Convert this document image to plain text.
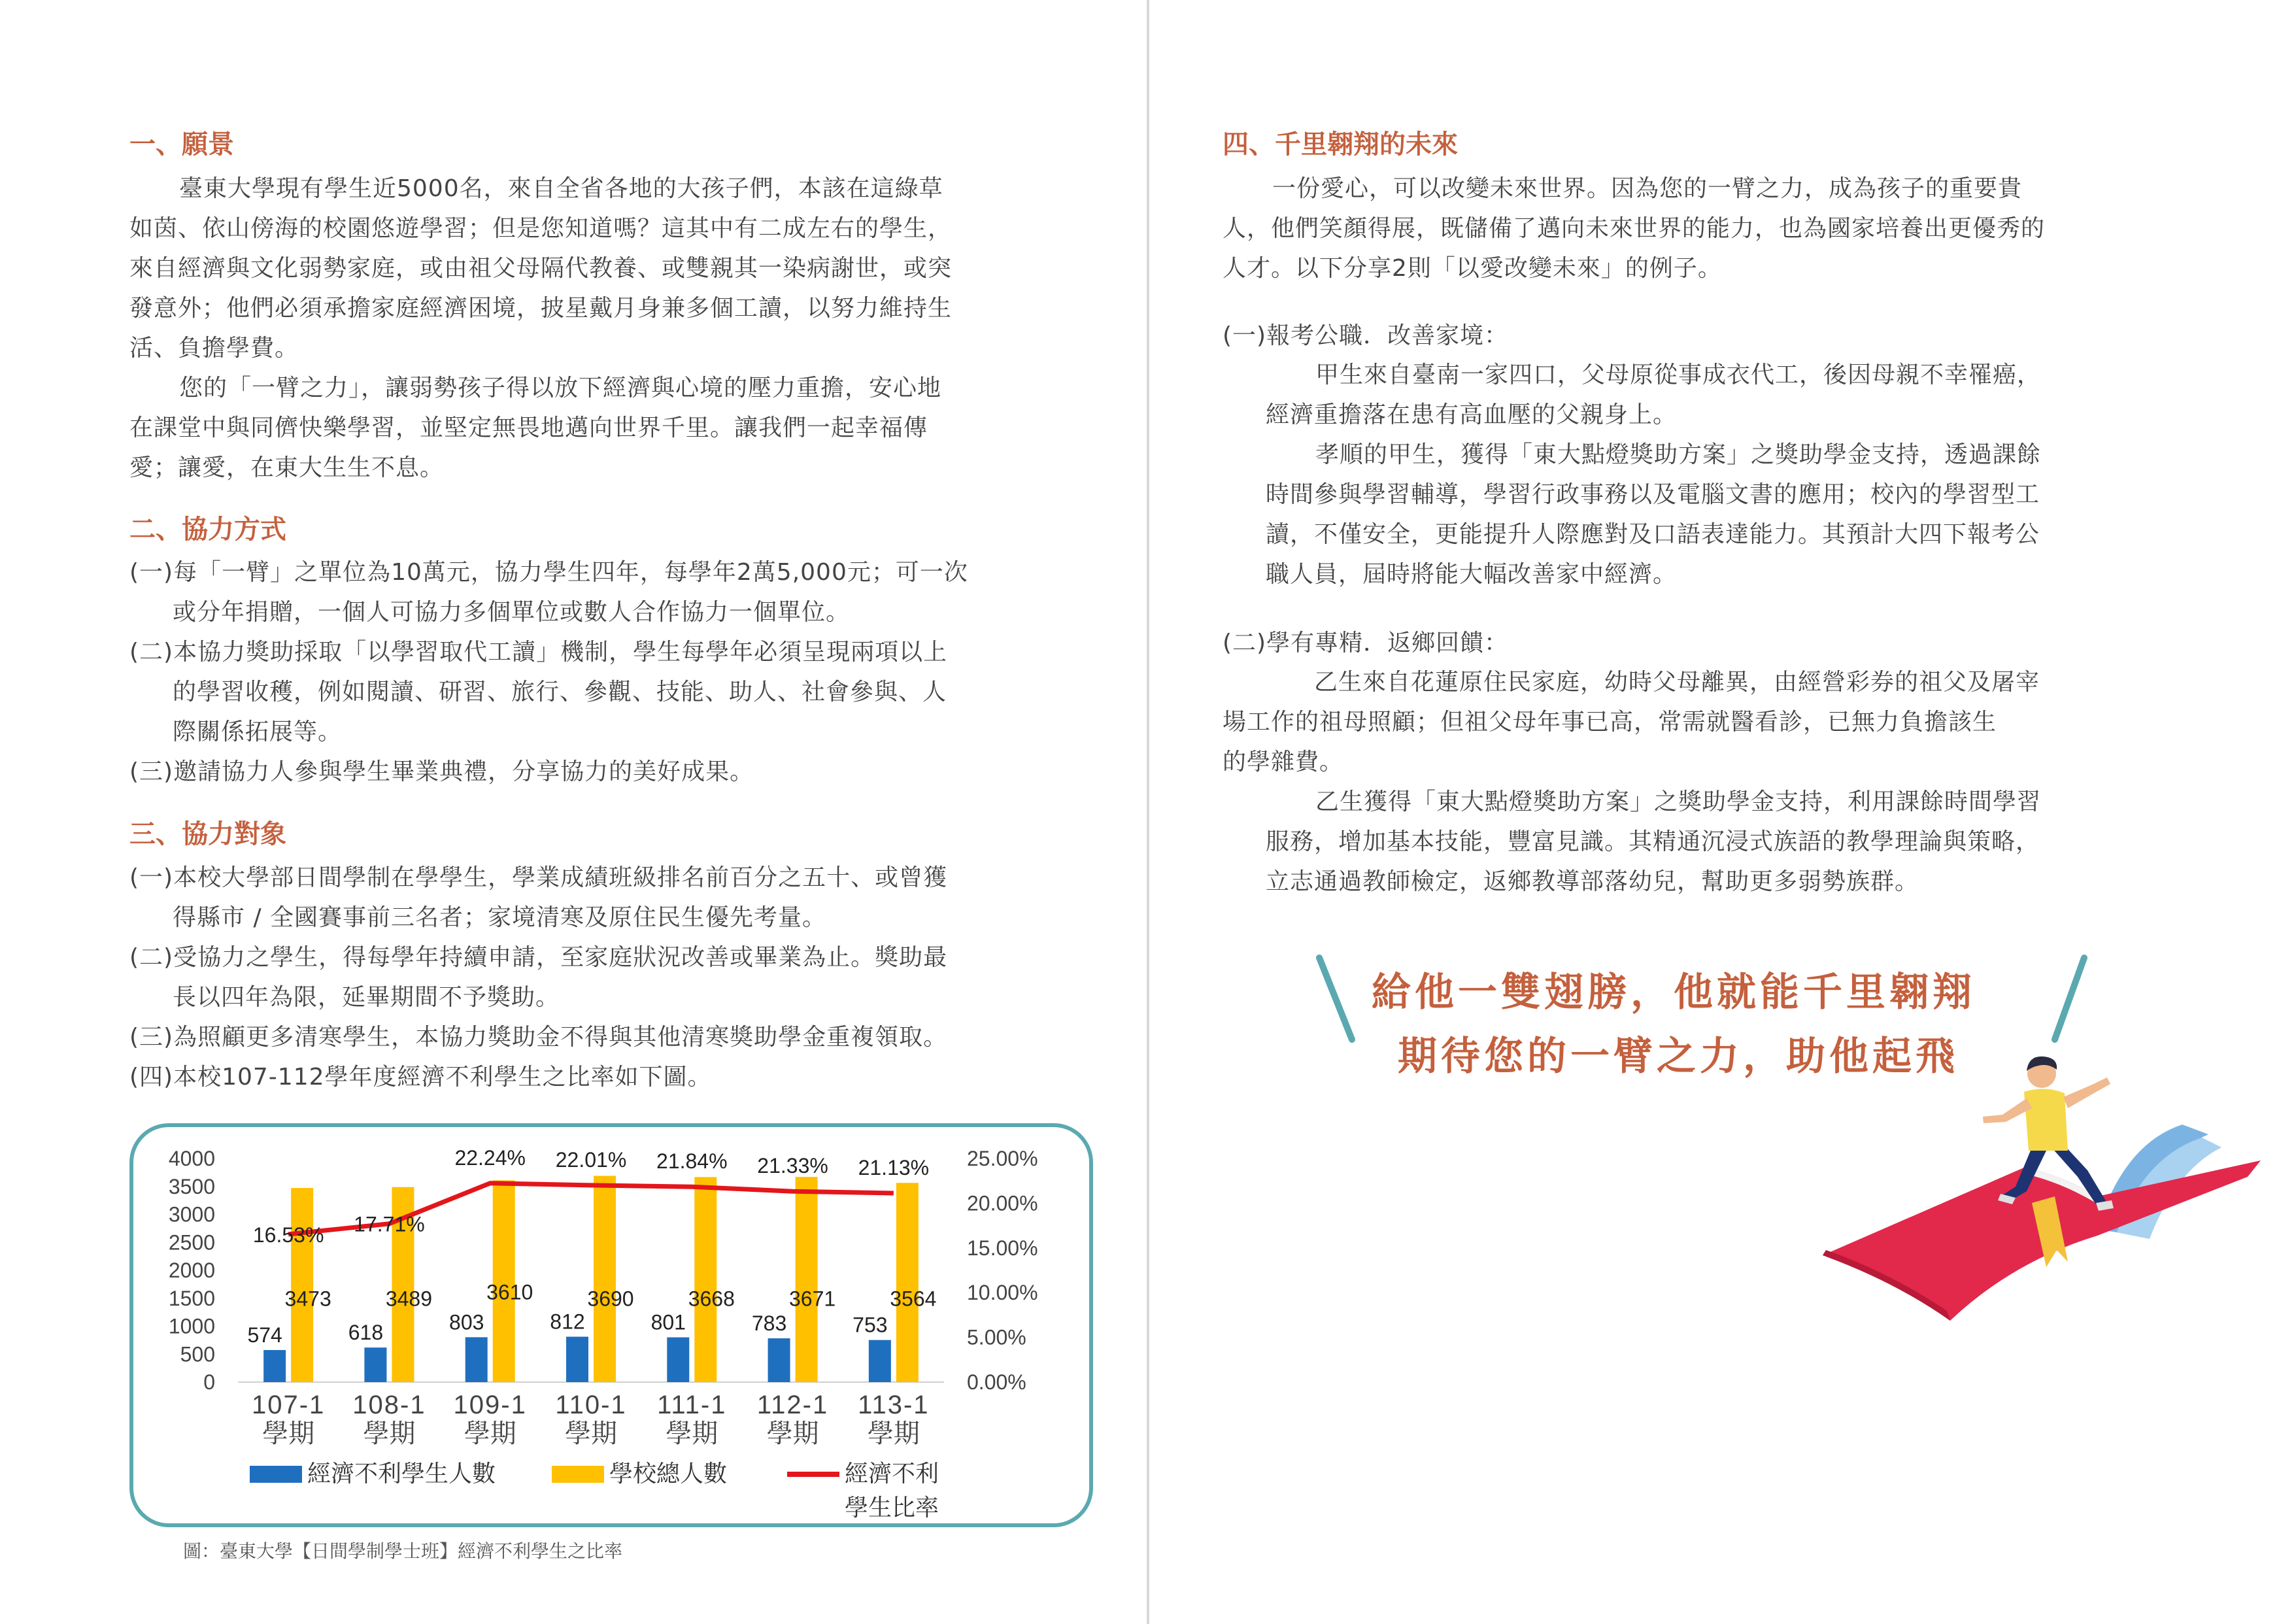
一、願景
臺東大學現有學生近5000名，來自全省各地的大孩子們，本該在這綠草
如茵、依山傍海的校園悠遊學習；但是您知道嗎？這其中有二成左右的學生，
來自經濟與文化弱勢家庭，或由祖父母隔代教養、或雙親其一染病謝世，或突
發意外；他們必須承擔家庭經濟困境，披星戴月身兼多個工讀，以努力維持生
活、負擔學費。
您的「一臂之力」，讓弱勢孩子得以放下經濟與心境的壓力重擔，安心地
在課堂中與同儕快樂學習，並堅定無畏地邁向世界千里。讓我們一起幸福傳
愛；讓愛，在東大生生不息。
二、協力方式
(一)每「一臂」之單位為10萬元，協力學生四年，每學年2萬5,000元；可一次
或分年捐贈，一個人可協力多個單位或數人合作協力一個單位。
(二)本協力獎助採取「以學習取代工讀」機制，學生每學年必須呈現兩項以上
的學習收穫，例如閱讀、研習、旅行、參觀、技能、助人、社會參與、人
際關係拓展等。
(三)邀請協力人參與學生畢業典禮，分享協力的美好成果。
三、協力對象
(一)本校大學部日間學制在學學生，學業成績班級排名前百分之五十、或曾獲
得縣市 / 全國賽事前三名者；家境清寒及原住民生優先考量。
(二)受協力之學生，得每學年持續申請，至家庭狀況改善或畢業為止。獎助最
長以四年為限，延畢期間不予獎助。
(三)為照顧更多清寒學生，本協力獎助金不得與其他清寒獎助學金重複領取。
(四)本校107-112學年度經濟不利學生之比率如下圖。
4000
3500
3000
2500
2000
1500
1000
500
0
25.00%
20.00%
15.00%
10.00%
5.00%
0.00%
107-1
學期
108-1
學期
109-1
學期
110-1
學期
111-1
學期
112-1
學期
113-1
學期
16.53% 17.71%
22.24% 22.01% 21.84% 21.33% 21.13%
574
3473
618
3489
803
3610
812
3690
801
3668
783
3671
753
3564
經濟不利學生人數	學校總人數	經濟不利
學生比率
圖：臺東大學【日間學制學士班】經濟不利學生之比率
四、千里翱翔的未來
一份愛心，可以改變未來世界。因為您的一臂之力，成為孩子的重要貴
人，他們笑顏得展，既儲備了邁向未來世界的能力，也為國家培養出更優秀的
人才。以下分享2則「以愛改變未來」的例子。
(一)報考公職．改善家境：
甲生來自臺南一家四口，父母原從事成衣代工，後因母親不幸罹癌，
經濟重擔落在患有高血壓的父親身上。
孝順的甲生，獲得「東大點燈獎助方案」之獎助學金支持，透過課餘
時間參與學習輔導，學習行政事務以及電腦文書的應用；校內的學習型工
讀，不僅安全，更能提升人際應對及口語表達能力。其預計大四下報考公
職人員，屆時將能大幅改善家中經濟。
(二)學有專精．返鄉回饋：
乙生來自花蓮原住民家庭，幼時父母離異，由經營彩券的祖父及屠宰
場工作的祖母照顧；但祖父母年事已高，常需就醫看診，已無力負擔該生
的學雜費。
乙生獲得「東大點燈獎助方案」之獎助學金支持，利用課餘時間學習
服務，增加基本技能，豐富見識。其精通沉浸式族語的教學理論與策略，
立志通過教師檢定，返鄉教導部落幼兒，幫助更多弱勢族群。
給他一雙翅膀，他就能千里翱翔
期待您的一臂之力，助他起飛
